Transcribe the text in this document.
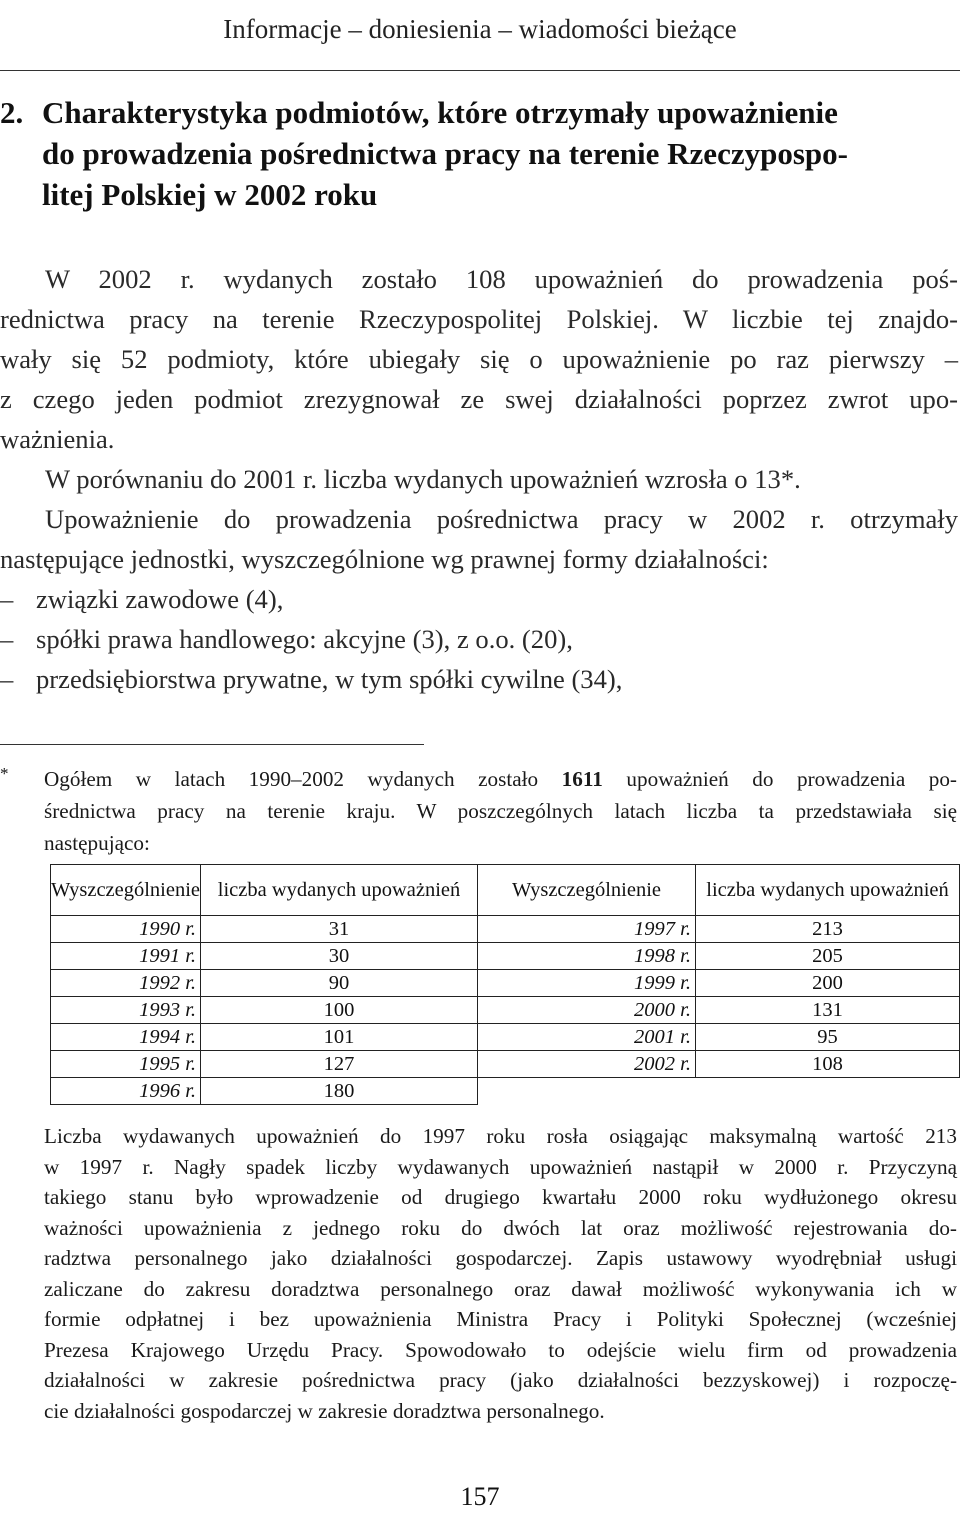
Informacje – doniesienia – wiadomości bieżące
2. Charakterystyka podmiotów, które otrzymały upoważnienie
do prowadzenia pośrednictwa pracy na terenie Rzeczypospo-
litej Polskiej w 2002 roku
W 2002 r. wydanych zostało 108 upoważnień do prowadzenia poś-
rednictwa pracy na terenie Rzeczypospolitej Polskiej. W liczbie tej znajdo-
wały się 52 podmioty, które ubiegały się o upoważnienie po raz pierwszy –
z czego jeden podmiot zrezygnował ze swej działalności poprzez zwrot upo-
ważnienia.
W porównaniu do 2001 r. liczba wydanych upoważnień wzrosła o 13*.
Upoważnienie do prowadzenia pośrednictwa pracy w 2002 r. otrzymały
następujące jednostki, wyszczególnione wg prawnej formy działalności:
– związki zawodowe (4),
– spółki prawa handlowego: akcyjne (3), z o.o. (20),
– przedsiębiorstwa prywatne, w tym spółki cywilne (34),
* Ogółem w latach 1990–2002 wydanych zostało 1611 upoważnień do prowadzenia po-
średnictwa pracy na terenie kraju. W poszczególnych latach liczba ta przedstawiała się
następująco:
Wyszczególnienie	liczba wydanych upoważnień	Wyszczególnienie	liczba wydanych upoważnień
1990 r.	31	1997 r.	213
1991 r.	30	1998 r.	205
1992 r.	90	1999 r.	200
1993 r.	100	2000 r.	131
1994 r.	101	2001 r.	95
1995 r.	127	2002 r.	108
1996 r.	180		
Liczba wydawanych upoważnień do 1997 roku rosła osiągając maksymalną wartość 213
w 1997 r. Nagły spadek liczby wydawanych upoważnień nastąpił w 2000 r. Przyczyną
takiego stanu było wprowadzenie od drugiego kwartału 2000 roku wydłużonego okresu
ważności upoważnienia z jednego roku do dwóch lat oraz możliwość rejestrowania do-
radztwa personalnego jako działalności gospodarczej. Zapis ustawowy wyodrębniał usługi
zaliczane do zakresu doradztwa personalnego oraz dawał możliwość wykonywania ich w
formie odpłatnej i bez upoważnienia Ministra Pracy i Polityki Społecznej (wcześniej
Prezesa Krajowego Urzędu Pracy. Spowodowało to odejście wielu firm od prowadzenia
działalności w zakresie pośrednictwa pracy (jako działalności bezzyskowej) i rozpoczę-
cie działalności gospodarczej w zakresie doradztwa personalnego.
157
